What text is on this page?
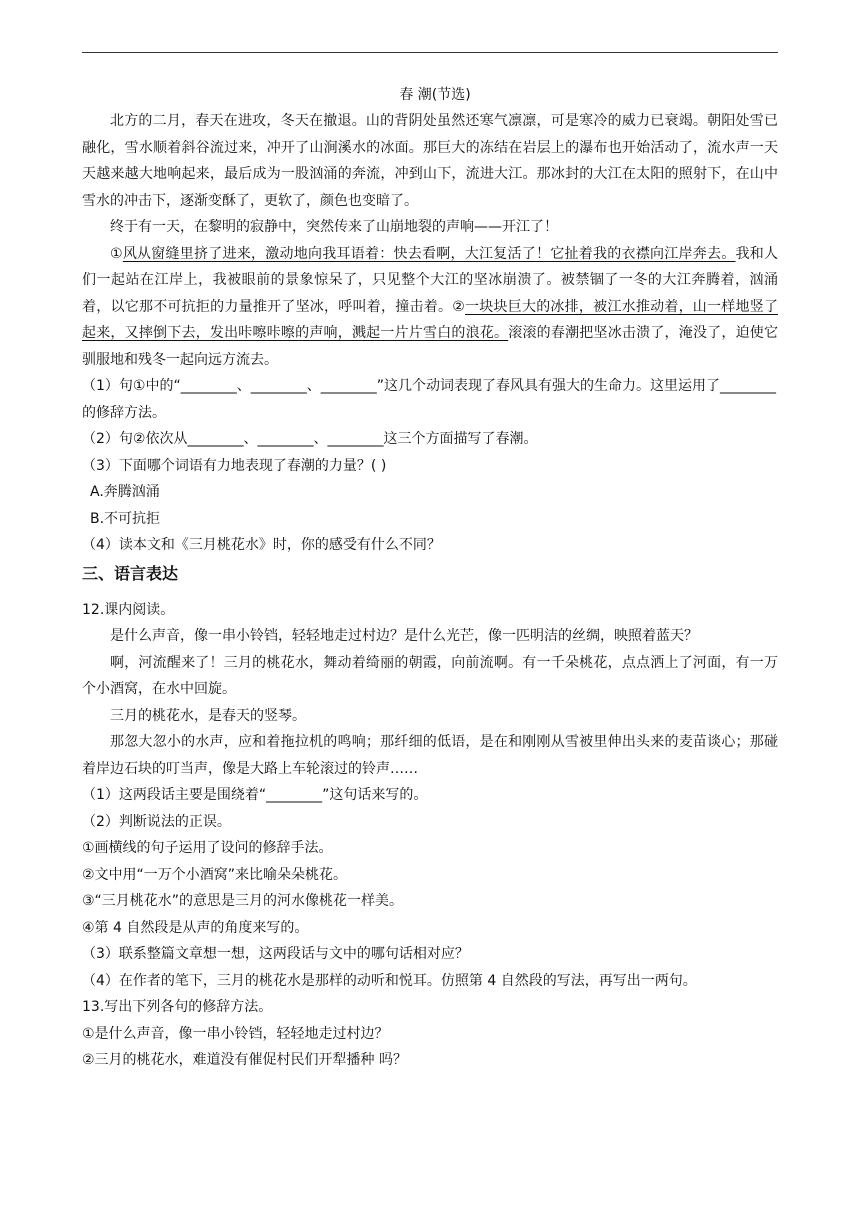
春 潮(节选)
北方的二月，春天在进攻，冬天在撤退。山的背阴处虽然还寒气凛凛，可是寒冷的威力已衰竭。朝阳处雪已融化，雪水顺着斜谷流过来，冲开了山涧溪水的冰面。那巨大的冻结在岩层上的瀑布也开始活动了，流水声一天天越来越大地响起来，最后成为一股汹涌的奔流，冲到山下，流进大江。那冰封的大江在太阳的照射下，在山中雪水的冲击下，逐渐变酥了，更软了，颜色也变暗了。
终于有一天，在黎明的寂静中，突然传来了山崩地裂的声响——开江了！
①风从窗缝里挤了进来，激动地向我耳语着：快去看啊，大江复活了！它扯着我的衣襟向江岸奔去。我和人们一起站在江岸上，我被眼前的景象惊呆了，只见整个大江的坚冰崩溃了。被禁锢了一冬的大江奔腾着，汹涌着，以它那不可抗拒的力量推开了坚冰，呼叫着，撞击着。②一块块巨大的冰排，被江水推动着，山一样地竖了起来，又摔倒下去，发出咔嚓咔嚓的声响，溅起一片片雪白的浪花。滚滚的春潮把坚冰击溃了，淹没了，迫使它驯服地和残冬一起向远方流去。
（1）句①中的“________、________、________”这几个动词表现了春风具有强大的生命力。这里运用了________的修辞方法。
（2）句②依次从________、________、________这三个方面描写了春潮。
（3）下面哪个词语有力地表现了春潮的力量？( )
A.奔腾汹涌
B.不可抗拒
（4）读本文和《三月桃花水》时，你的感受有什么不同？
三、语言表达
12.课内阅读。
是什么声音，像一串小铃铛，轻轻地走过村边？是什么光芒，像一匹明洁的丝绸，映照着蓝天？
啊，河流醒来了！三月的桃花水，舞动着绮丽的朝霞，向前流啊。有一千朵桃花，点点洒上了河面，有一万个小酒窝，在水中回旋。
三月的桃花水，是春天的竖琴。
那忽大忽小的水声，应和着拖拉机的鸣响；那纤细的低语，是在和刚刚从雪被里伸出头来的麦苗谈心；那碰着岸边石块的叮当声，像是大路上车轮滚过的铃声……
（1）这两段话主要是围绕着“________”这句话来写的。
（2）判断说法的正误。
①画横线的句子运用了设问的修辞手法。
②文中用“一万个小酒窝”来比喻朵朵桃花。
③“三月桃花水”的意思是三月的河水像桃花一样美。
④第 4 自然段是从声的角度来写的。
（3）联系整篇文章想一想，这两段话与文中的哪句话相对应？
（4）在作者的笔下，三月的桃花水是那样的动听和悦耳。仿照第 4 自然段的写法，再写出一两句。
13.写出下列各句的修辞方法。
①是什么声音，像一串小铃铛，轻轻地走过村边？
②三月的桃花水，难道没有催促村民们开犁播种 吗？
